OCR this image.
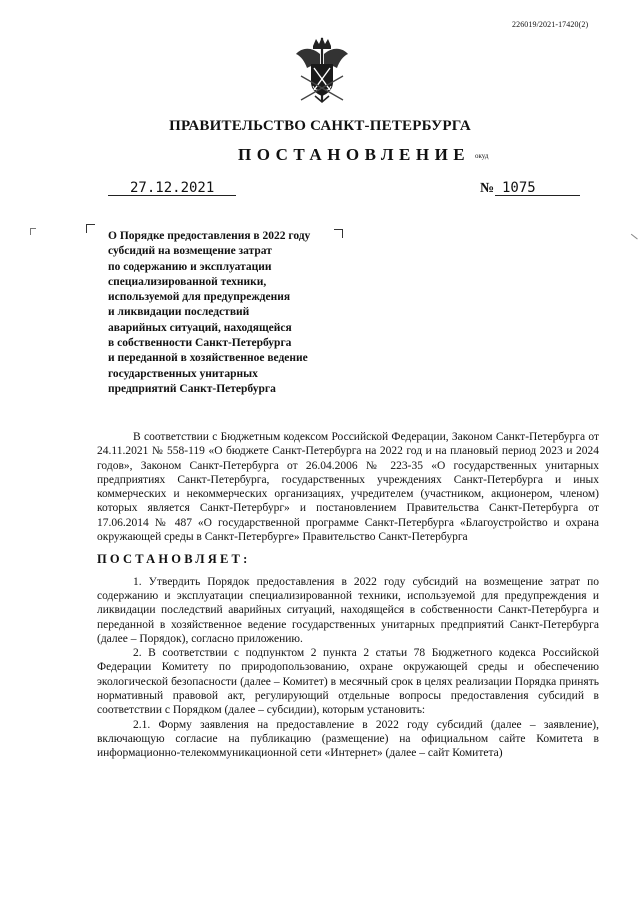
226019/2021-17420(2)
ПРАВИТЕЛЬСТВО САНКТ-ПЕТЕРБУРГА
ПОСТАНОВЛЕНИЕ окуд
27.12.2021	№ 1075
О Порядке предоставления в 2022 году
субсидий на возмещение затрат
по содержанию и эксплуатации
специализированной техники,
используемой для предупреждения
и ликвидации последствий
аварийных ситуаций, находящейся
в собственности Санкт-Петербурга
и переданной в хозяйственное ведение
государственных унитарных
предприятий Санкт-Петербурга

В соответствии с Бюджетным кодексом Российской Федерации, Законом Санкт-Петербурга от 24.11.2021 № 558-119 «О бюджете Санкт-Петербурга на 2022 год и на плановый период 2023 и 2024 годов», Законом Санкт-Петербурга от 26.04.2006 № 223-35 «О государственных унитарных предприятиях Санкт-Петербурга, государственных учреждениях Санкт-Петербурга и иных коммерческих и некоммерческих организациях, учредителем (участником, акционером, членом) которых является Санкт-Петербург» и постановлением Правительства Санкт-Петербурга от 17.06.2014 № 487 «О государственной программе Санкт-Петербурга «Благоустройство и охрана окружающей среды в Санкт-Петербурге» Правительство Санкт-Петербурга

ПОСТАНОВЛЯЕТ:

1. Утвердить Порядок предоставления в 2022 году субсидий на возмещение затрат по содержанию и эксплуатации специализированной техники, используемой для предупреждения и ликвидации последствий аварийных ситуаций, находящейся в собственности Санкт-Петербурга и переданной в хозяйственное ведение государственных унитарных предприятий Санкт-Петербурга (далее – Порядок), согласно приложению.

2. В соответствии с подпунктом 2 пункта 2 статьи 78 Бюджетного кодекса Российской Федерации Комитету по природопользованию, охране окружающей среды и обеспечению экологической безопасности (далее – Комитет) в месячный срок в целях реализации Порядка принять нормативный правовой акт, регулирующий отдельные вопросы предоставления субсидий в соответствии с Порядком (далее – субсидии), которым установить:

2.1. Форму заявления на предоставление в 2022 году субсидий (далее – заявление), включающую согласие на публикацию (размещение) на официальном сайте Комитета в информационно-телекоммуникационной сети «Интернет» (далее – сайт Комитета)
